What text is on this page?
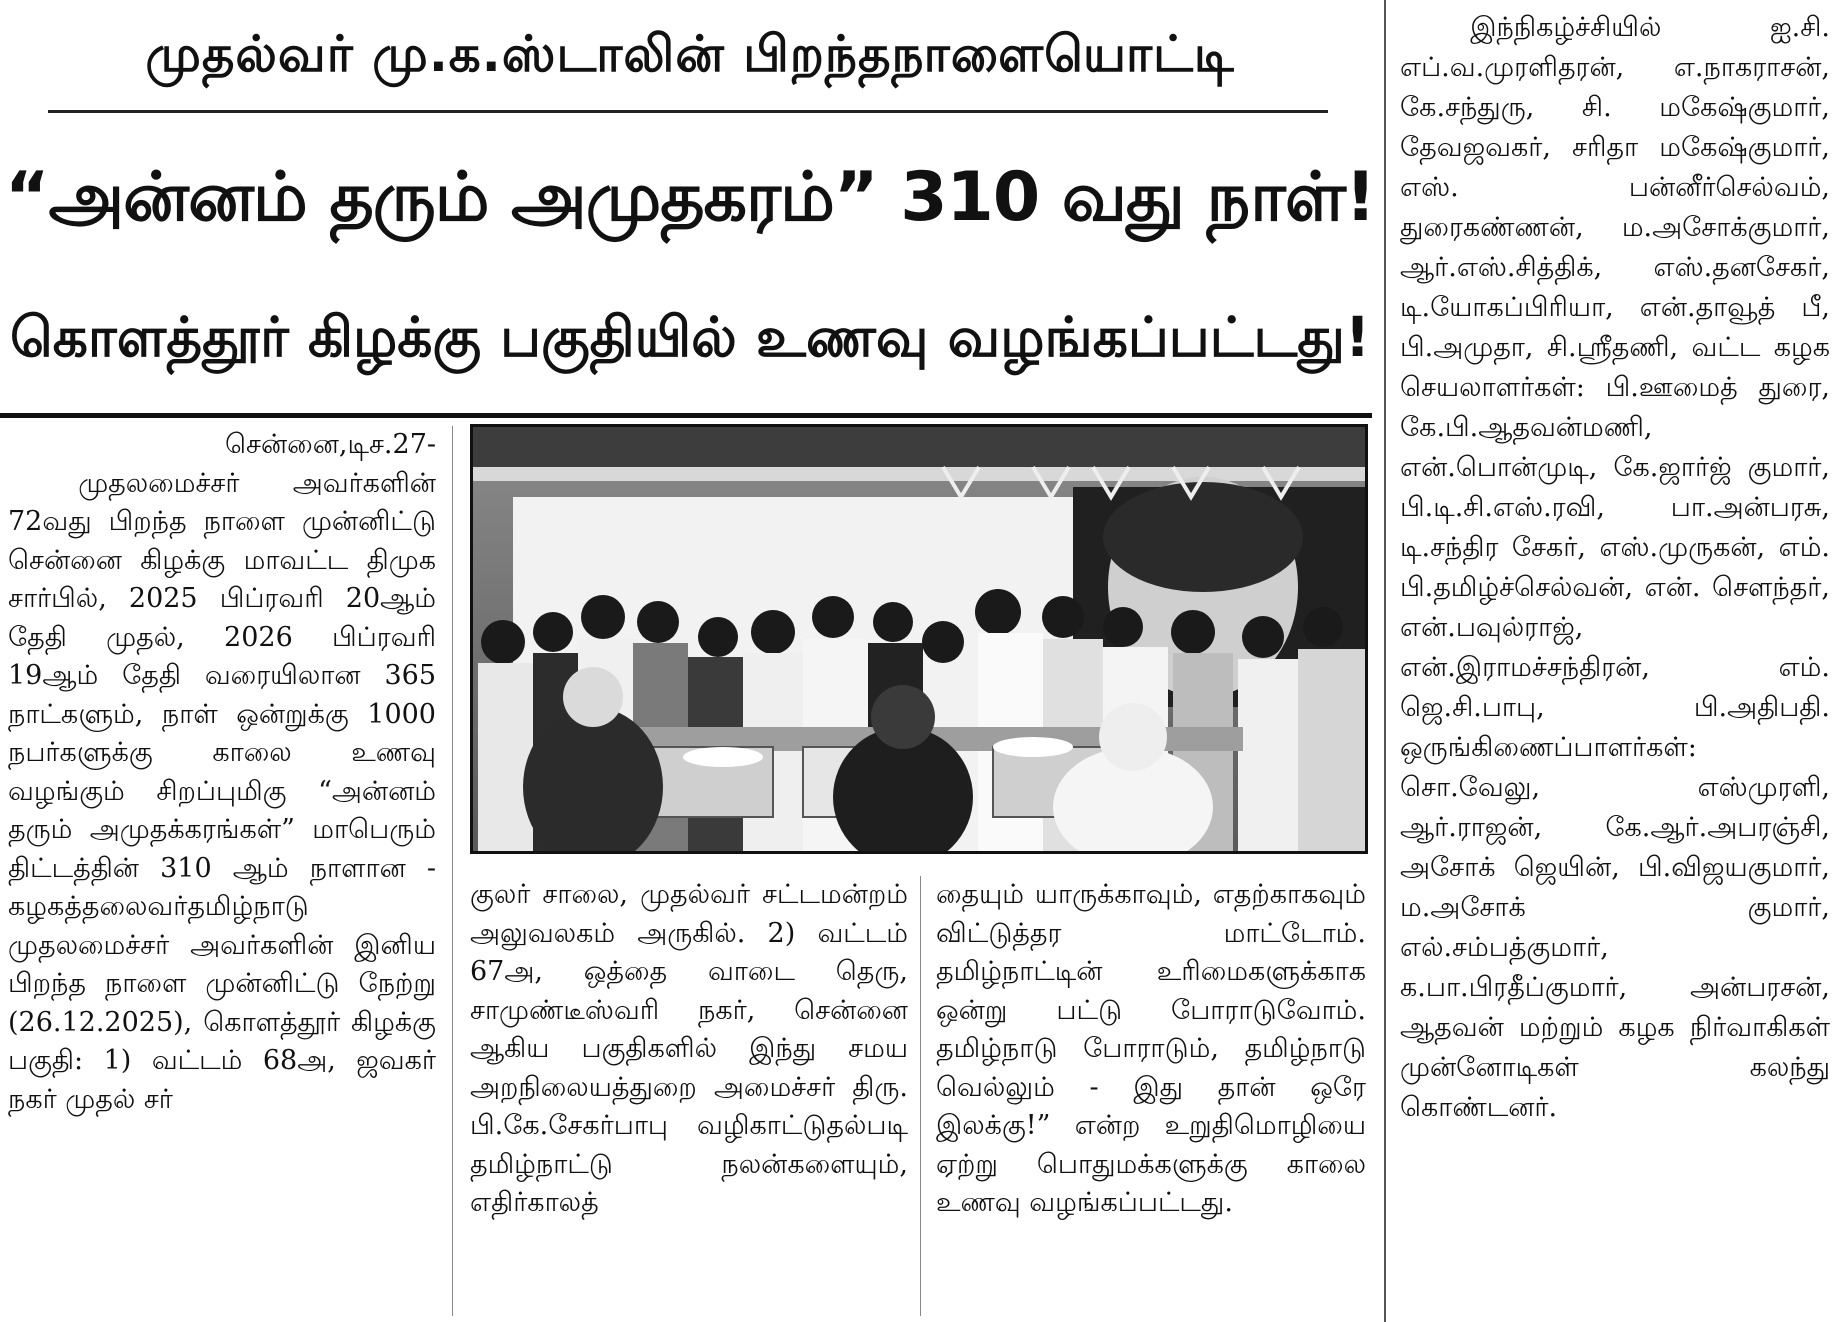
முதல்வர் மு.க.ஸ்டாலின் பிறந்தநாளையொட்டி
“அன்னம் தரும் அமுதகரம்” 310 வது நாள்!
கொளத்தூர் கிழக்கு பகுதியில் உணவு வழங்கப்பட்டது!

சென்னை,டிச.27-

முதலமைச்சர் அவர்களின் 72வது பிறந்த நாளை முன்னிட்டு சென்னை கிழக்கு மாவட்ட திமுக சார்பில், 2025 பிப்ரவரி 20ஆம் தேதி முதல், 2026 பிப்ரவரி 19ஆம் தேதி வரையிலான 365 நாட்களும், நாள் ஒன்றுக்கு 1000 நபர்களுக்கு காலை உணவு வழங்கும் சிறப்புமிகு “அன்னம் தரும் அமுதக்கரங்கள்” மாபெரும் திட்டத்தின் 310 ஆம் நாளான - கழகத்தலைவர்தமிழ்நாடு முதலமைச்சர் அவர்களின் இனிய பிறந்த நாளை முன்னிட்டு நேற்று (26.12.2025), கொளத்தூர் கிழக்கு பகுதி: 1) வட்டம் 68அ, ஜவகர் நகர் முதல் சர்

குலர் சாலை, முதல்வர் சட்டமன்றம் அலுவலகம் அருகில். 2) வட்டம் 67அ, ஒத்தை வாடை தெரு, சாமுண்டீஸ்வரி நகர், சென்னை ஆகிய பகுதிகளில் இந்து சமய அறநிலையத்துறை அமைச்சர் திரு. பி.கே.சேகர்பாபு வழிகாட்டுதல்படி தமிழ்நாட்டு நலன்களையும், எதிர்காலத்

தையும் யாருக்காவும், எதற்காகவும் விட்டுத்தர மாட்டோம். தமிழ்நாட்டின் உரிமைகளுக்காக ஒன்று பட்டு போராடுவோம். தமிழ்நாடு போராடும், தமிழ்நாடு வெல்லும் - இது தான் ஒரே இலக்கு!” என்ற உறுதிமொழியை ஏற்று பொதுமக்களுக்கு காலை உணவு வழங்கப்பட்டது.

இந்நிகழ்ச்சியில் ஐ.சி. எப்.வ.முரளிதரன், எ.நாகராசன், கே.சந்துரு, சி. மகேஷ்குமார், தேவஜவகர், சரிதா மகேஷ்குமார், எஸ். பன்னீர்செல்வம், துரைகண்ணன், ம.அசோக்குமார், ஆர்.எஸ்.சித்திக், எஸ்.தனசேகர், டி.யோகப்பிரியா, என்.தாவூத் பீ, பி.அமுதா, சி.ஸ்ரீதணி, வட்ட கழக செயலாளர்கள்: பி.ஊமைத் துரை, கே.பி.ஆதவன்மணி, என்.பொன்முடி, கே.ஜார்ஜ் குமார், பி.டி.சி.எஸ்.ரவி, பா.அன்பரசு, டி.சந்திர சேகர், எஸ்.முருகன், எம். பி.தமிழ்ச்செல்வன், என். சௌந்தர், என்.பவுல்ராஜ், என்.இராமச்சந்திரன், எம். ஜெ.சி.பாபு, பி.அதிபதி. ஒருங்கிணைப்பாளர்கள்: சொ.வேலு, எஸ்முரளி, ஆர்.ராஜன், கே.ஆர்.அபரஞ்சி, அசோக் ஜெயின், பி.விஜயகுமார், ம.அசோக் குமார், எல்.சம்பத்குமார், க.பா.பிரதீப்குமார், அன்பரசன், ஆதவன் மற்றும் கழக நிர்வாகிகள் முன்னோடிகள் கலந்து கொண்டனர்.
